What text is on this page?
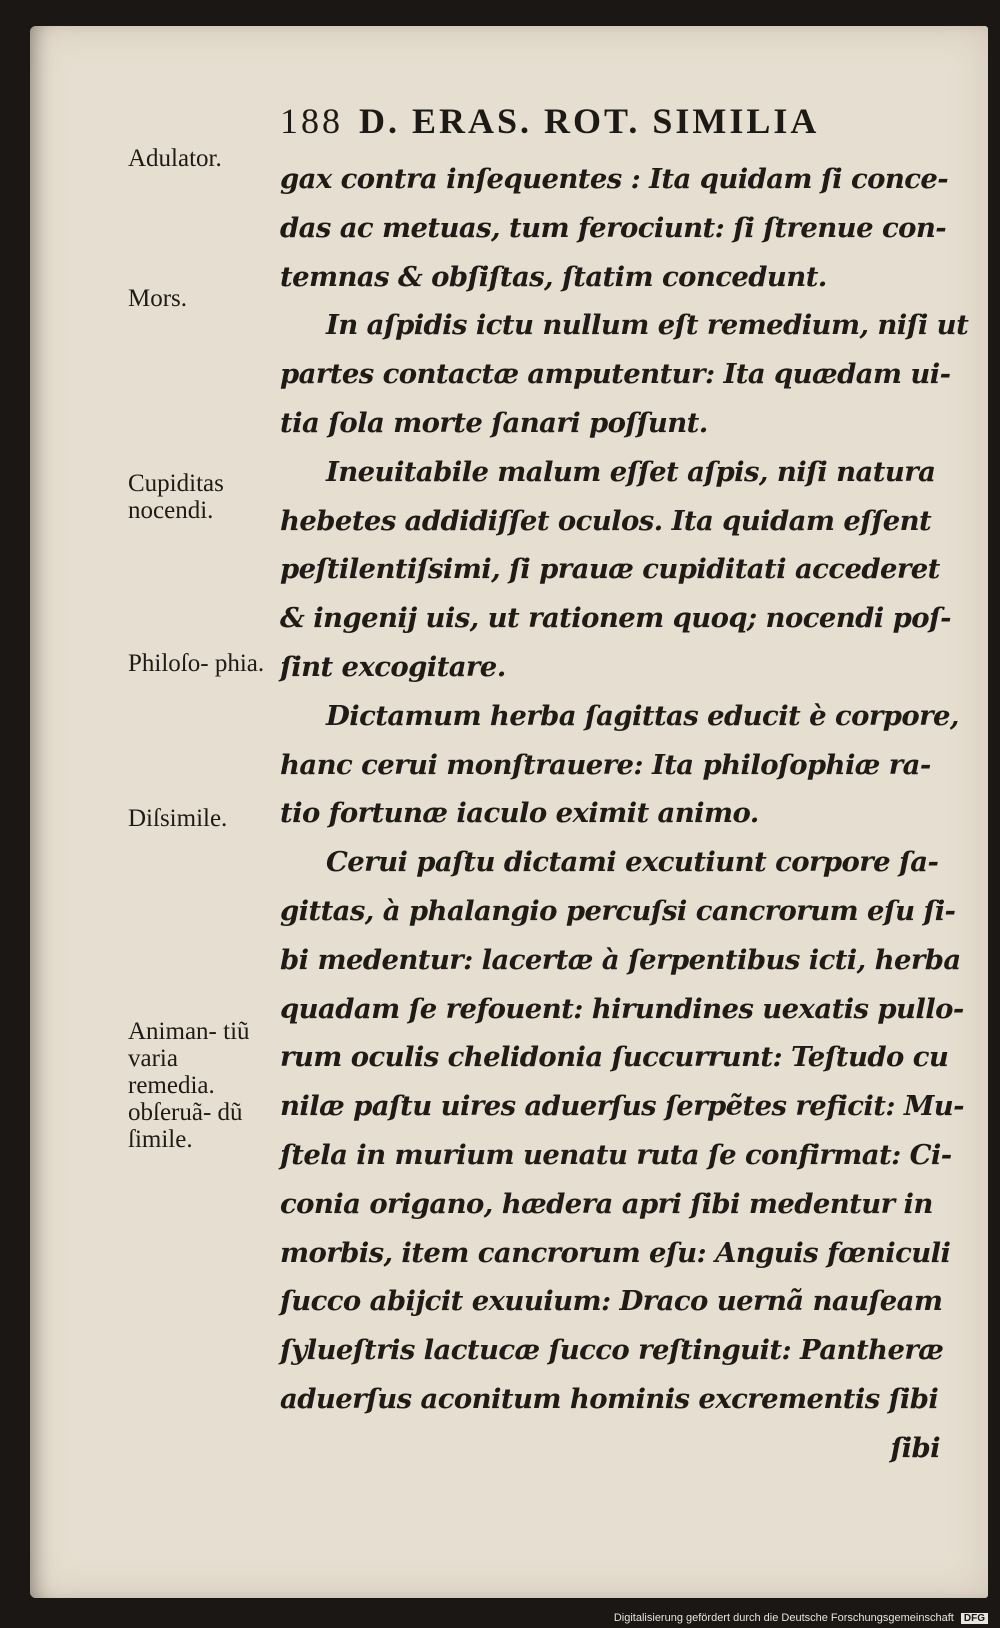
188 D. ERAS. ROT. SIMILIA
Adulator.
Mors.
Cupiditas nocendi.
Philoſo- phia.
Diſsimile.
Animan- tiũ varia remedia. obſeruã- dũ ſimile.
gax contra inſequentes : Ita quidam ſi conce-
das ac metuas, tum ferociunt: ſi ſtrenue con-
temnas & obſiſtas, ſtatim concedunt.
In aſpidis ictu nullum eſt remedium, niſi ut
partes contactæ amputentur: Ita quædam ui-
tia ſola morte ſanari poſſunt.
Ineuitabile malum eſſet aſpis, niſi natura
hebetes addidiſſet oculos. Ita quidam eſſent
peſtilentiſsimi, ſi prauæ cupiditati accederet
& ingenij uis, ut rationem quoq; nocendi poſ-
ſint excogitare.
Dictamum herba ſagittas educit è corpore,
hanc cerui monſtrauere: Ita philoſophiæ ra-
tio fortunæ iaculo eximit animo.
Cerui paſtu dictami excutiunt corpore ſa-
gittas, à phalangio percuſsi cancrorum eſu ſi-
bi medentur: lacertæ à ſerpentibus icti, herba
quadam ſe refouent: hirundines uexatis pullo-
rum oculis chelidonia ſuccurrunt: Teſtudo cu
nilæ paſtu uires aduerſus ſerpẽtes reficit: Mu-
ſtela in murium uenatu ruta ſe confirmat: Ci-
conia origano, hædera apri ſibi medentur in
morbis, item cancrorum eſu: Anguis fœniculi
ſucco abijcit exuuium: Draco uernã nauſeam
ſylueſtris lactucæ ſucco reſtinguit: Pantheræ
aduerſus aconitum hominis excrementis ſibi
ſibi
Digitalisierung gefördert durch die Deutsche Forschungsgemeinschaft DFG
